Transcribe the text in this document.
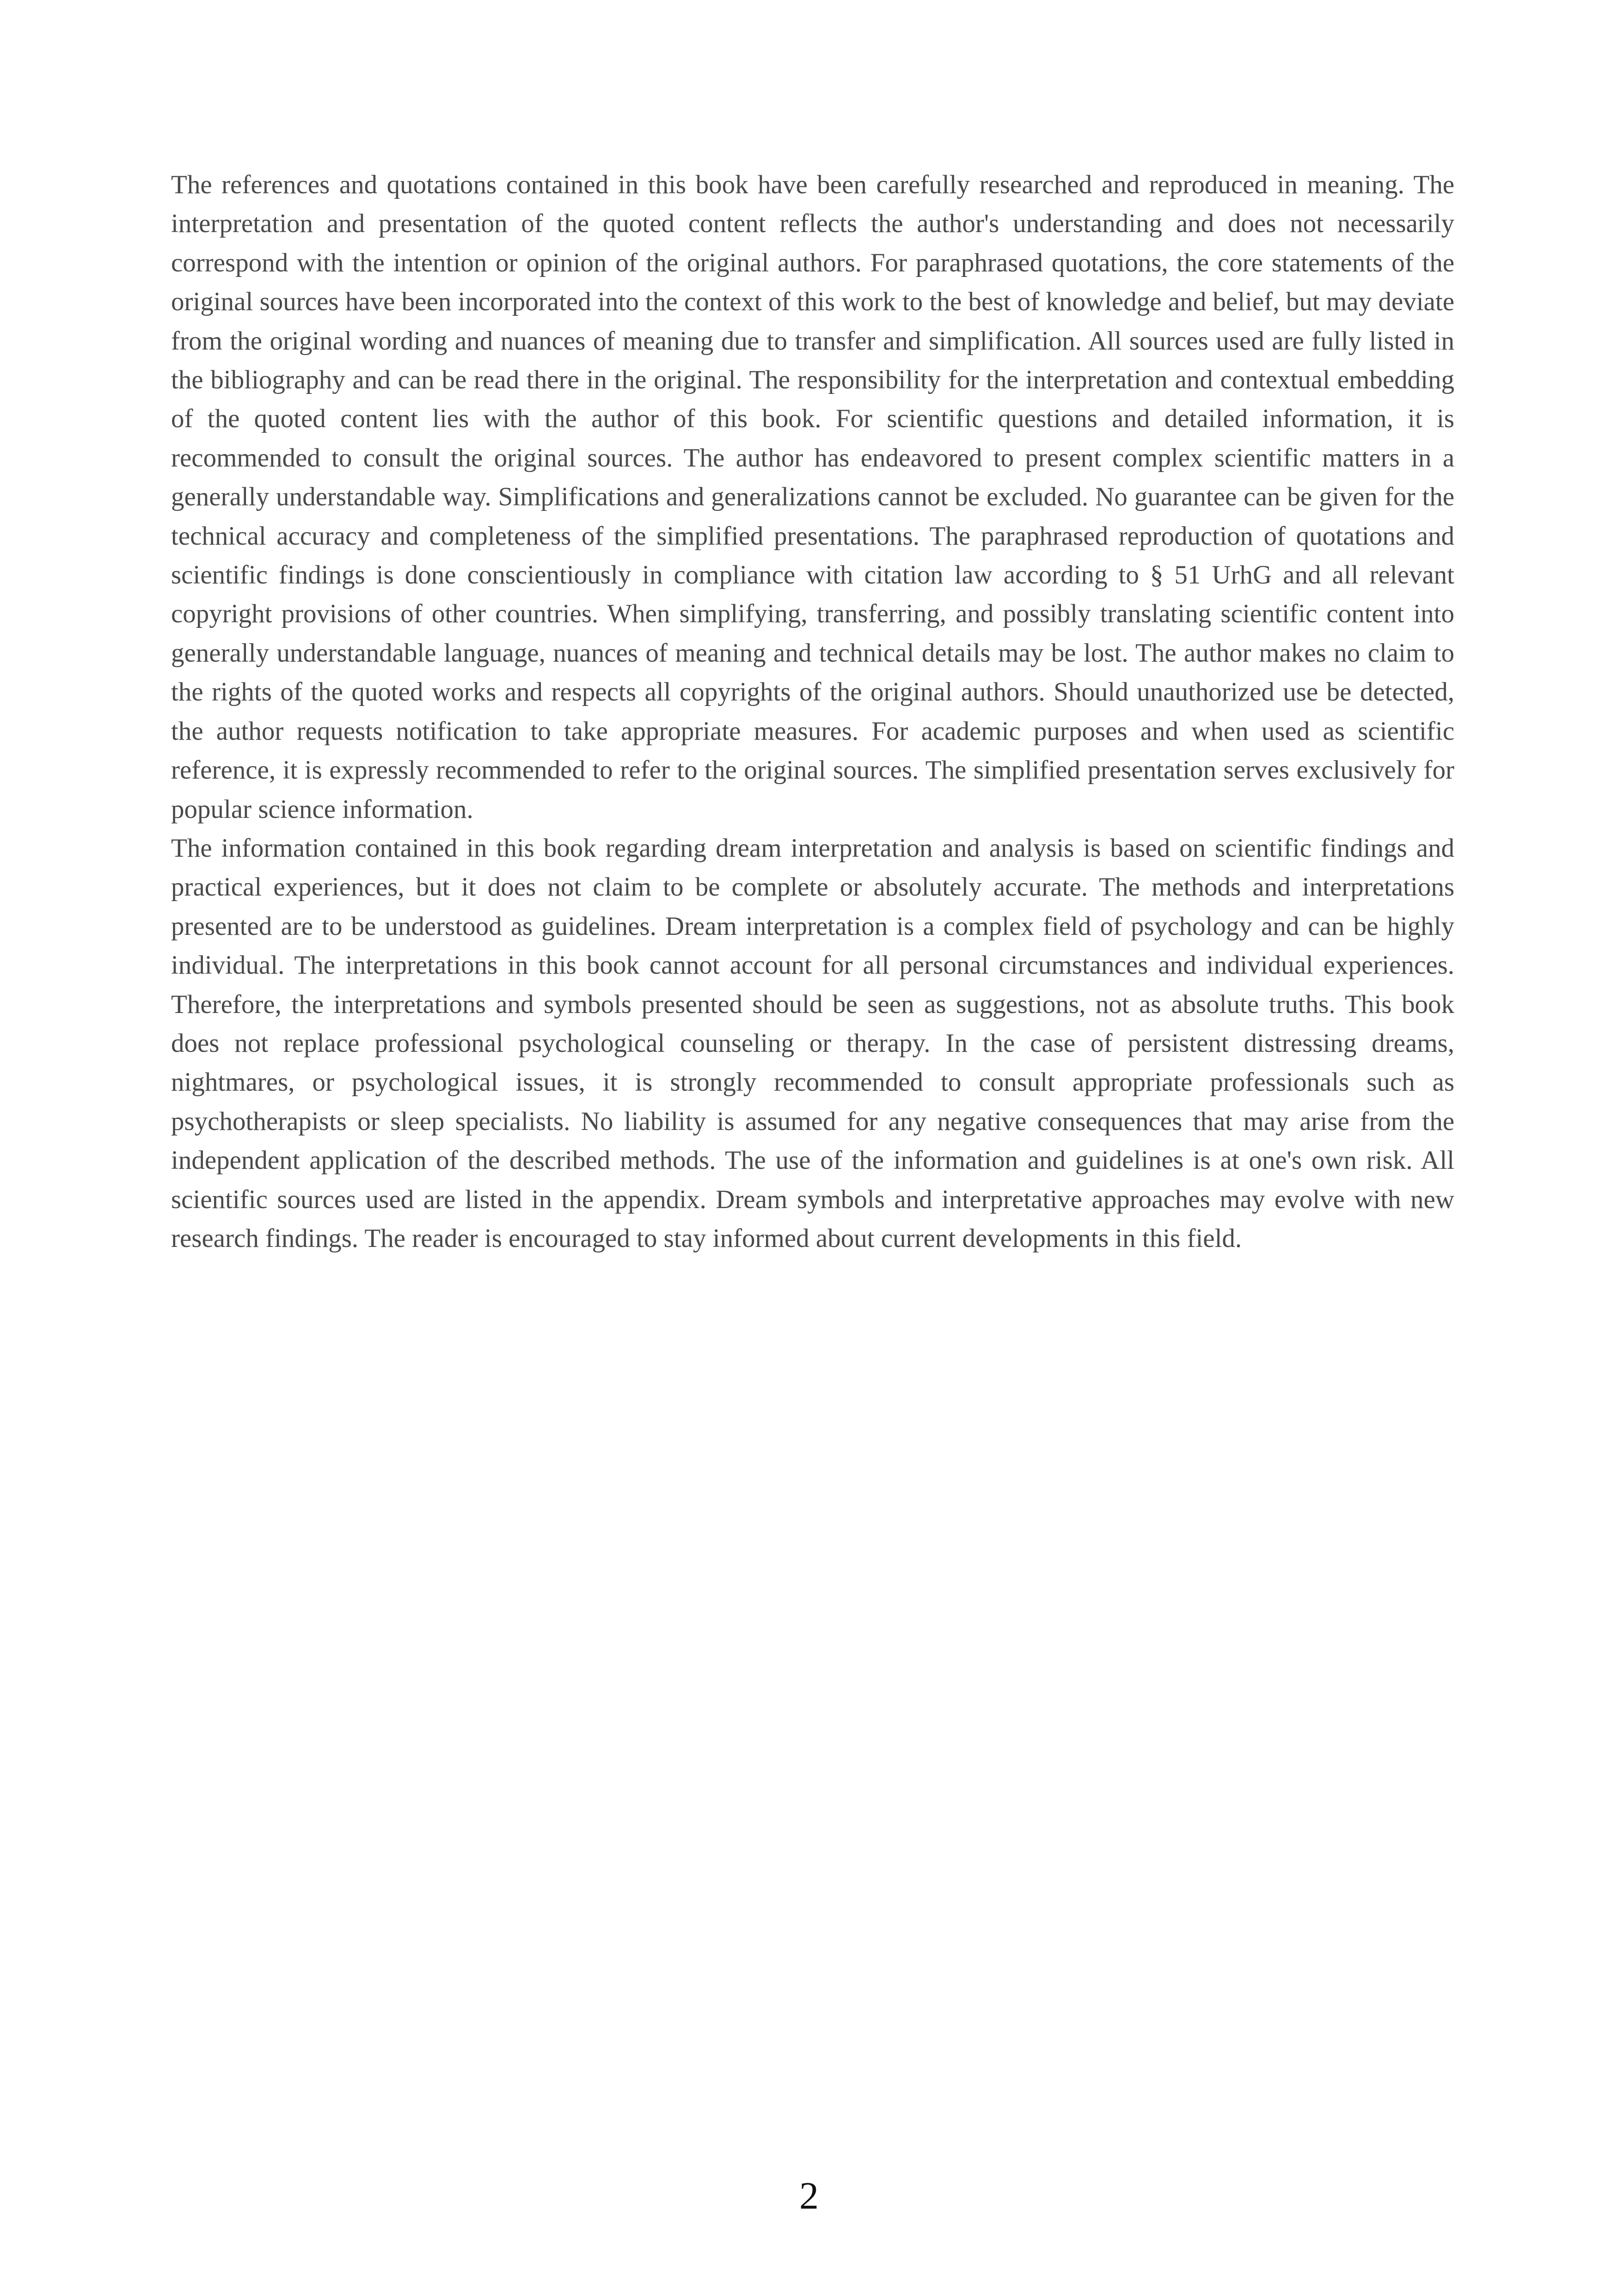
The references and quotations contained in this book have been carefully researched and reproduced in meaning. The interpretation and presentation of the quoted content reflects the author's understanding and does not necessarily correspond with the intention or opinion of the original authors. For paraphrased quotations, the core statements of the original sources have been incorporated into the context of this work to the best of knowledge and belief, but may deviate from the original wording and nuances of meaning due to transfer and simplification. All sources used are fully listed in the bibliography and can be read there in the original. The responsibility for the interpretation and contextual embedding of the quoted content lies with the author of this book. For scientific questions and detailed information, it is recommended to consult the original sources. The author has endeavored to present complex scientific matters in a generally understandable way. Simplifications and generalizations cannot be excluded. No guarantee can be given for the technical accuracy and completeness of the simplified presentations. The paraphrased reproduction of quotations and scientific findings is done conscientiously in compliance with citation law according to § 51 UrhG and all relevant copyright provisions of other countries. When simplifying, transferring, and possibly translating scientific content into generally understandable language, nuances of meaning and technical details may be lost. The author makes no claim to the rights of the quoted works and respects all copyrights of the original authors. Should unauthorized use be detected, the author requests notification to take appropriate measures. For academic purposes and when used as scientific reference, it is expressly recommended to refer to the original sources. The simplified presentation serves exclusively for popular science information.

The information contained in this book regarding dream interpretation and analysis is based on scientific findings and practical experiences, but it does not claim to be complete or absolutely accurate. The methods and interpretations presented are to be understood as guidelines. Dream interpretation is a complex field of psychology and can be highly individual. The interpretations in this book cannot account for all personal circumstances and individual experiences. Therefore, the interpretations and symbols presented should be seen as suggestions, not as absolute truths. This book does not replace professional psychological counseling or therapy. In the case of persistent distressing dreams, nightmares, or psychological issues, it is strongly recommended to consult appropriate professionals such as psychotherapists or sleep specialists. No liability is assumed for any negative consequences that may arise from the independent application of the described methods. The use of the information and guidelines is at one's own risk. All scientific sources used are listed in the appendix. Dream symbols and interpretative approaches may evolve with new research findings. The reader is encouraged to stay informed about current developments in this field.

2
